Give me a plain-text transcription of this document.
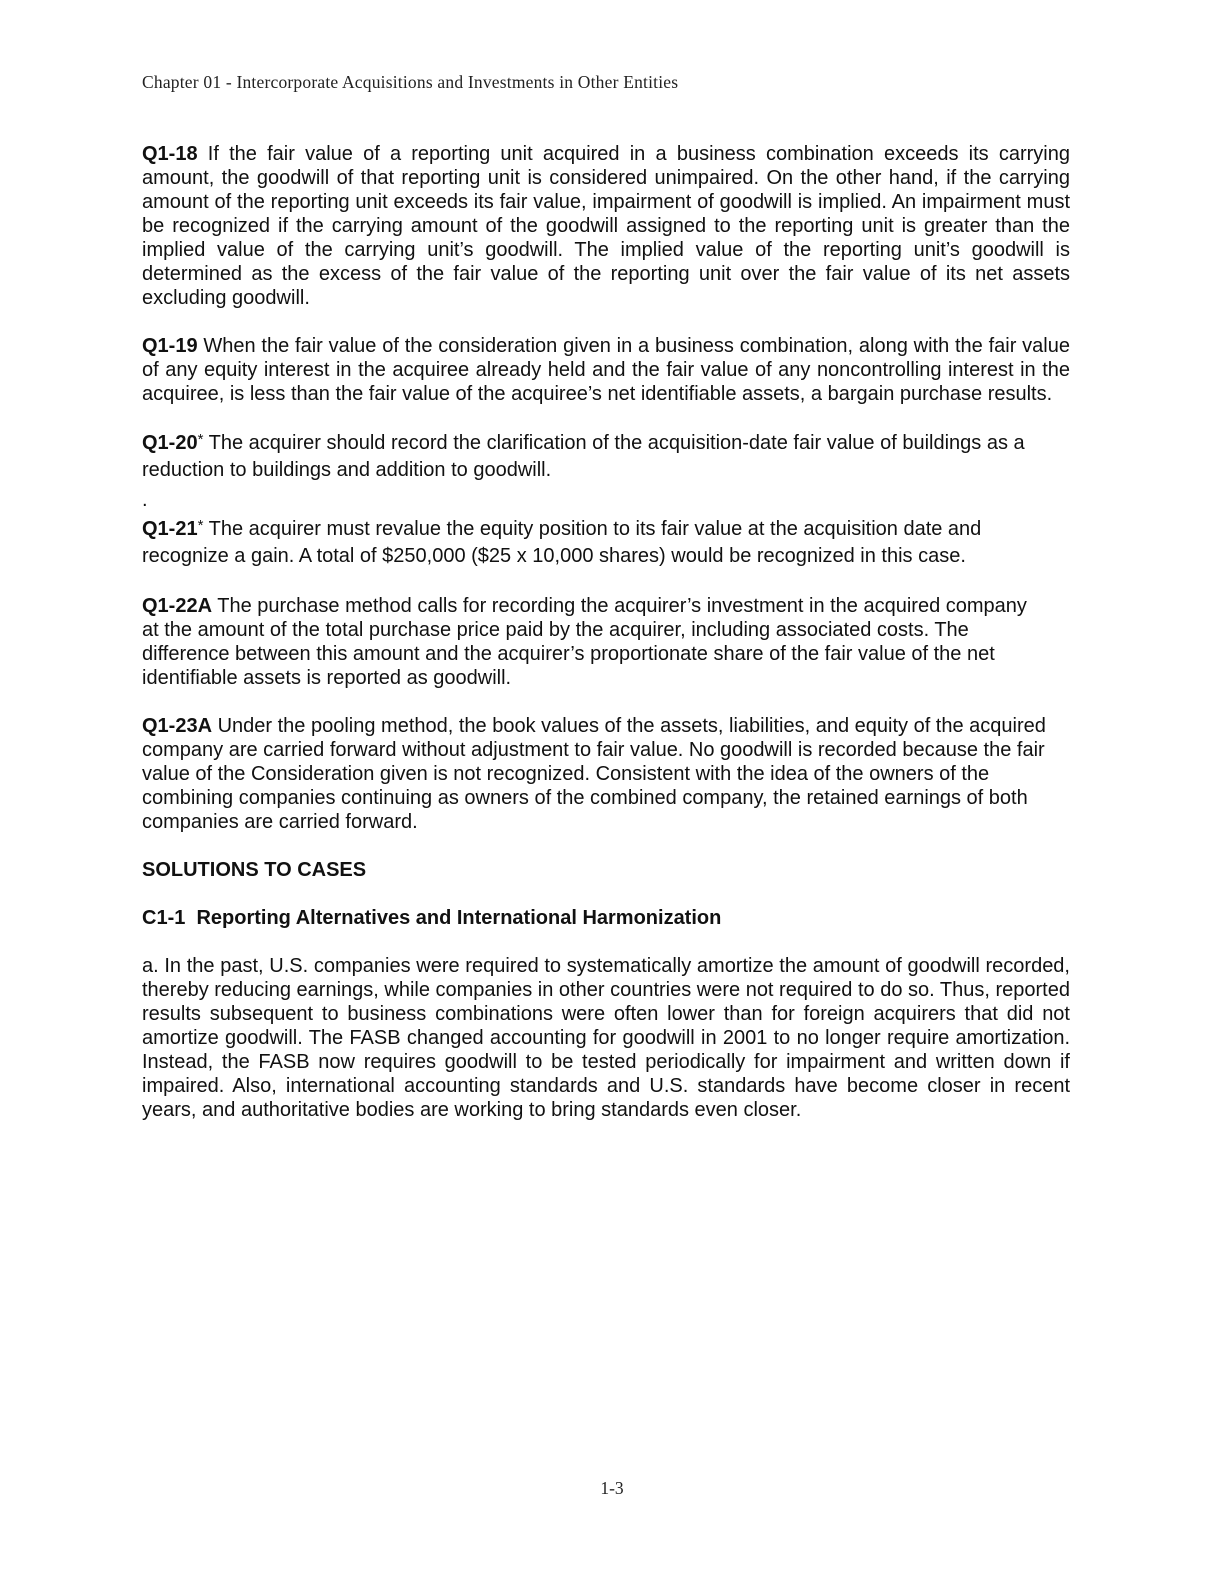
Chapter 01 - Intercorporate Acquisitions and Investments in Other Entities

Q1-18 If the fair value of a reporting unit acquired in a business combination exceeds its carrying amount, the goodwill of that reporting unit is considered unimpaired. On the other hand, if the carrying amount of the reporting unit exceeds its fair value, impairment of goodwill is implied. An impairment must be recognized if the carrying amount of the goodwill assigned to the reporting unit is greater than the implied value of the carrying unit’s goodwill. The implied value of the reporting unit’s goodwill is determined as the excess of the fair value of the reporting unit over the fair value of its net assets excluding goodwill.

Q1-19 When the fair value of the consideration given in a business combination, along with the fair value of any equity interest in the acquiree already held and the fair value of any noncontrolling interest in the acquiree, is less than the fair value of the acquiree’s net identifiable assets, a bargain purchase results.

Q1-20* The acquirer should record the clarification of the acquisition-date fair value of buildings as a reduction to buildings and addition to goodwill.

.

Q1-21* The acquirer must revalue the equity position to its fair value at the acquisition date and recognize a gain. A total of $250,000 ($25 x 10,000 shares) would be recognized in this case.

Q1-22A The purchase method calls for recording the acquirer’s investment in the acquired company at the amount of the total purchase price paid by the acquirer, including associated costs. The difference between this amount and the acquirer’s proportionate share of the fair value of the net identifiable assets is reported as goodwill.

Q1-23A Under the pooling method, the book values of the assets, liabilities, and equity of the acquired company are carried forward without adjustment to fair value. No goodwill is recorded because the fair value of the Consideration given is not recognized. Consistent with the idea of the owners of the combining companies continuing as owners of the combined company, the retained earnings of both companies are carried forward.

SOLUTIONS TO CASES
C1-1  Reporting Alternatives and International Harmonization

a. In the past, U.S. companies were required to systematically amortize the amount of goodwill recorded, thereby reducing earnings, while companies in other countries were not required to do so. Thus, reported results subsequent to business combinations were often lower than for foreign acquirers that did not amortize goodwill. The FASB changed accounting for goodwill in 2001 to no longer require amortization. Instead, the FASB now requires goodwill to be tested periodically for impairment and written down if impaired. Also, international accounting standards and U.S. standards have become closer in recent years, and authoritative bodies are working to bring standards even closer.

1-3
